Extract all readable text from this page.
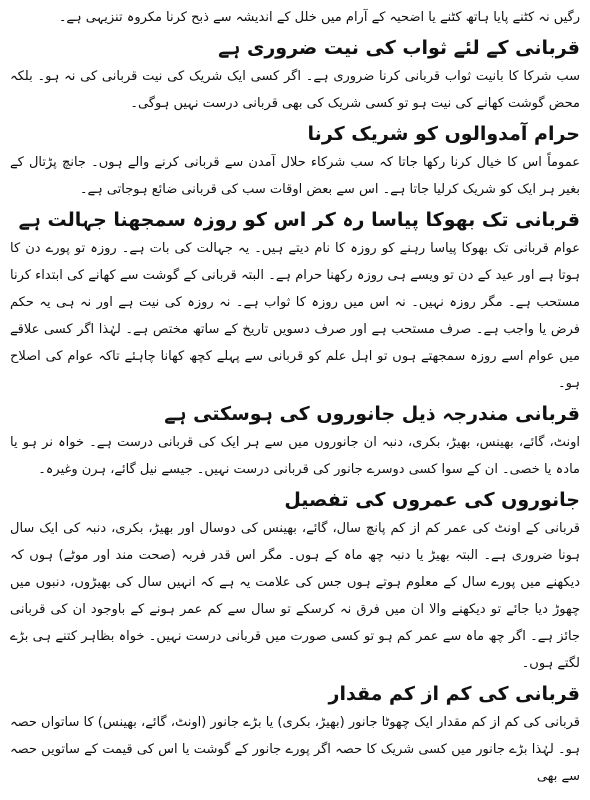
رگیں نہ کٹنے پایا ہاتھ کٹنے یا اضحیہ کے آرام میں خلل کے اندیشہ سے ذبح کرنا مکروہ تنزیہی ہے۔

قربانی کے لئے ثواب کی نیت ضروری ہے

سب شرکا کا بانیت ثواب قربانی کرنا ضروری ہے۔ اگر کسی ایک شریک کی نیت قربانی کی نہ ہو۔ بلکہ محض گوشت کھانے کی نیت ہو تو کسی شریک کی بھی قربانی درست نہیں ہوگی۔

حرام آمدوالوں کو شریک کرنا

عموماً اس کا خیال کرنا رکھا جاتا کہ سب شرکاء حلال آمدن سے قربانی کرنے والے ہوں۔ جانچ پڑتال کے بغیر ہر ایک کو شریک کرلیا جاتا ہے۔ اس سے بعض اوقات سب کی قربانی ضائع ہوجاتی ہے۔

قربانی تک بھوکا پیاسا رہ کر اس کو روزہ سمجھنا جہالت ہے

عوام قربانی تک بھوکا پیاسا رہنے کو روزہ کا نام دیتے ہیں۔ یہ جہالت کی بات ہے۔ روزہ تو پورے دن کا ہوتا ہے اور عید کے دن تو ویسے ہی روزہ رکھنا حرام ہے۔ البتہ قربانی کے گوشت سے کھانے کی ابتداء کرنا مستحب ہے۔ مگر روزہ نہیں۔ نہ اس میں روزہ کا ثواب ہے۔ نہ روزہ کی نیت ہے اور نہ ہی یہ حکم فرض یا واجب ہے۔ صرف مستحب ہے اور صرف دسویں تاریخ کے ساتھ مختص ہے۔ لہٰذا اگر کسی علاقے میں عوام اسے روزہ سمجھتے ہوں تو اہل علم کو قربانی سے پہلے کچھ کھانا چاہئے تاکہ عوام کی اصلاح ہو۔

قربانی مندرجہ ذیل جانوروں کی ہوسکتی ہے

اونٹ، گائے، بھینس، بھیڑ، بکری، دنبہ ان جانوروں میں سے ہر ایک کی قربانی درست ہے۔ خواہ نر ہو یا مادہ یا خصی۔ ان کے سوا کسی دوسرے جانور کی قربانی درست نہیں۔ جیسے نیل گائے، ہرن وغیرہ۔

جانوروں کی عمروں کی تفصیل

قربانی کے اونٹ کی عمر کم از کم پانچ سال، گائے، بھینس کی دوسال اور بھیڑ، بکری، دنبہ کی ایک سال ہونا ضروری ہے۔ البتہ بھیڑ یا دنبہ چھ ماہ کے ہوں۔ مگر اس قدر فربہ (صحت مند اور موٹے) ہوں کہ دیکھنے میں پورے سال کے معلوم ہوتے ہوں جس کی علامت یہ ہے کہ انہیں سال کی بھیڑوں، دنبوں میں چھوڑ دیا جائے تو دیکھنے والا ان میں فرق نہ کرسکے تو سال سے کم عمر ہونے کے باوجود ان کی قربانی جائز ہے۔ اگر چھ ماہ سے عمر کم ہو تو کسی صورت میں قربانی درست نہیں۔ خواہ بظاہر کتنے ہی بڑے لگتے ہوں۔

قربانی کی کم از کم مقدار

قربانی کی کم از کم مقدار ایک چھوٹا جانور (بھیڑ، بکری) یا بڑے جانور (اونٹ، گائے، بھینس) کا ساتواں حصہ ہو۔ لہٰذا بڑے جانور میں کسی شریک کا حصہ اگر پورے جانور کے گوشت یا اس کی قیمت کے ساتویں حصہ سے بھی
